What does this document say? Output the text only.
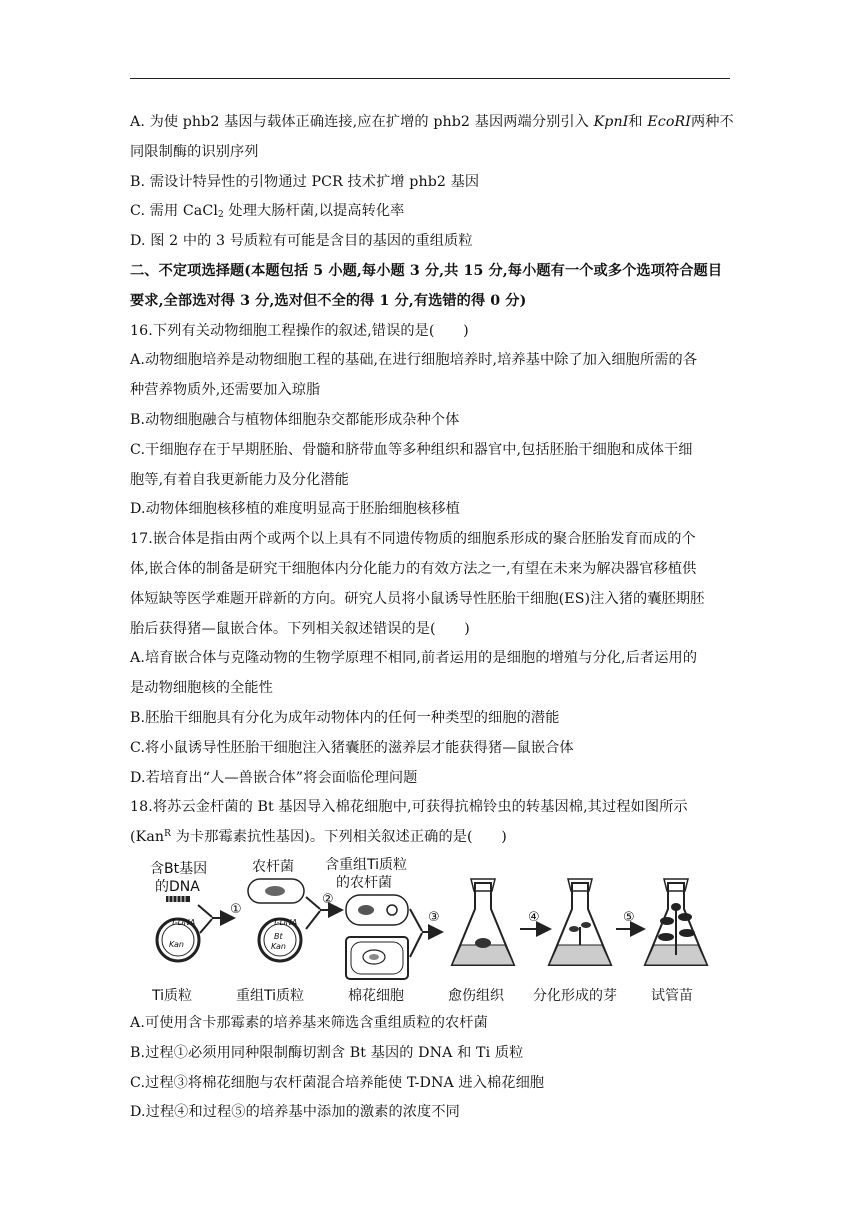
A. 为使 phb2 基因与载体正确连接,应在扩增的 phb2 基因两端分别引入 KpnⅠ和 EcoRⅠ两种不
同限制酶的识别序列
B. 需设计特异性的引物通过 PCR 技术扩增 phb2 基因
C. 需用 CaCl$_2$ 处理大肠杆菌,以提高转化率
D. 图 2 中的 3 号质粒有可能是含目的基因的重组质粒
二、不定项选择题(本题包括 5 小题,每小题 3 分,共 15 分,每小题有一个或多个选项符合题目
要求,全部选对得 3 分,选对但不全的得 1 分,有选错的得 0 分)
16.下列有关动物细胞工程操作的叙述,错误的是(　　)
A.动物细胞培养是动物细胞工程的基础,在进行细胞培养时,培养基中除了加入细胞所需的各
种营养物质外,还需要加入琼脂
B.动物细胞融合与植物体细胞杂交都能形成杂种个体
C.干细胞存在于早期胚胎、骨髓和脐带血等多种组织和器官中,包括胚胎干细胞和成体干细
胞等,有着自我更新能力及分化潜能
D.动物体细胞核移植的难度明显高于胚胎细胞核移植
17.嵌合体是指由两个或两个以上具有不同遗传物质的细胞系形成的聚合胚胎发育而成的个
体,嵌合体的制备是研究干细胞体内分化能力的有效方法之一,有望在未来为解决器官移植供
体短缺等医学难题开辟新的方向。研究人员将小鼠诱导性胚胎干细胞(ES)注入猪的囊胚期胚
胎后获得猪—鼠嵌合体。下列相关叙述错误的是(　　)
A.培育嵌合体与克隆动物的生物学原理不相同,前者运用的是细胞的增殖与分化,后者运用的
是动物细胞核的全能性
B.胚胎干细胞具有分化为成年动物体内的任何一种类型的细胞的潜能
C.将小鼠诱导性胚胎干细胞注入猪囊胚的滋养层才能获得猪—鼠嵌合体
D.若培育出“人—兽嵌合体”将会面临伦理问题
18.将苏云金杆菌的 Bt 基因导入棉花细胞中,可获得抗棉铃虫的转基因棉,其过程如图所示
(Kan$^R$ 为卡那霉素抗性基因)。下列相关叙述正确的是(　　)
含Bt基因
的DNA
T-DNA
Kan
①
T-DNA
Bt
Kan
农杆菌
②
含重组Ti质粒
的农杆菌
③	④	⑤
Ti质粒	重组Ti质粒	棉花细胞	愈伤组织 分化形成的芽 试管苗
A.可使用含卡那霉素的培养基来筛选含重组质粒的农杆菌
B.过程①必须用同种限制酶切割含 Bt 基因的 DNA 和 Ti 质粒
C.过程③将棉花细胞与农杆菌混合培养能使 T-DNA 进入棉花细胞
D.过程④和过程⑤的培养基中添加的激素的浓度不同
